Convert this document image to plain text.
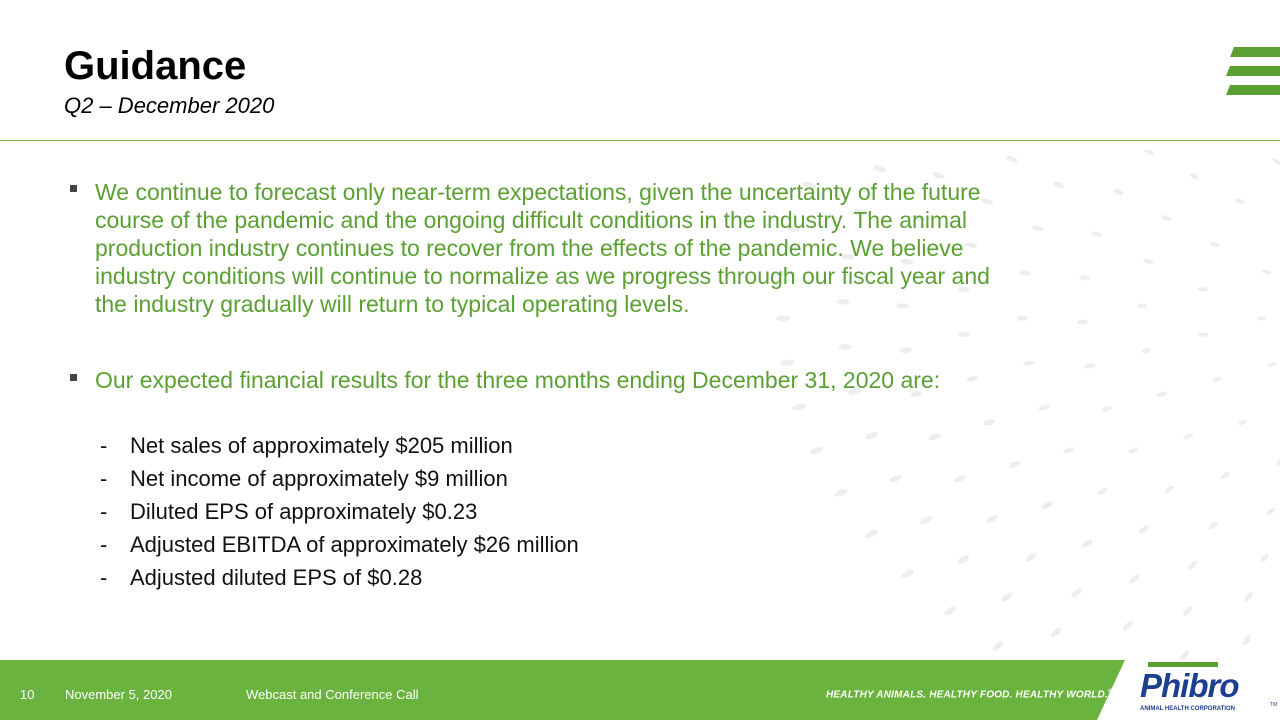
Guidance
Q2 – December 2020
We continue to forecast only near-term expectations, given the uncertainty of the future
course of the pandemic and the ongoing difficult conditions in the industry. The animal
production industry continues to recover from the effects of the pandemic. We believe
industry conditions will continue to normalize as we progress through our fiscal year and
the industry gradually will return to typical operating levels.
Our expected financial results for the three months ending December 31, 2020 are:
- Net sales of approximately $205 million
- Net income of approximately $9 million
- Diluted EPS of approximately $0.23
- Adjusted EBITDA of approximately $26 million
- Adjusted diluted EPS of $0.28
10 November 5, 2020	Webcast and Conference Call	HEALTHY ANIMALS. HEALTHY FOOD. HEALTHY WORLD.® Phibro
ANIMAL HEALTH CORPORATION
TM
